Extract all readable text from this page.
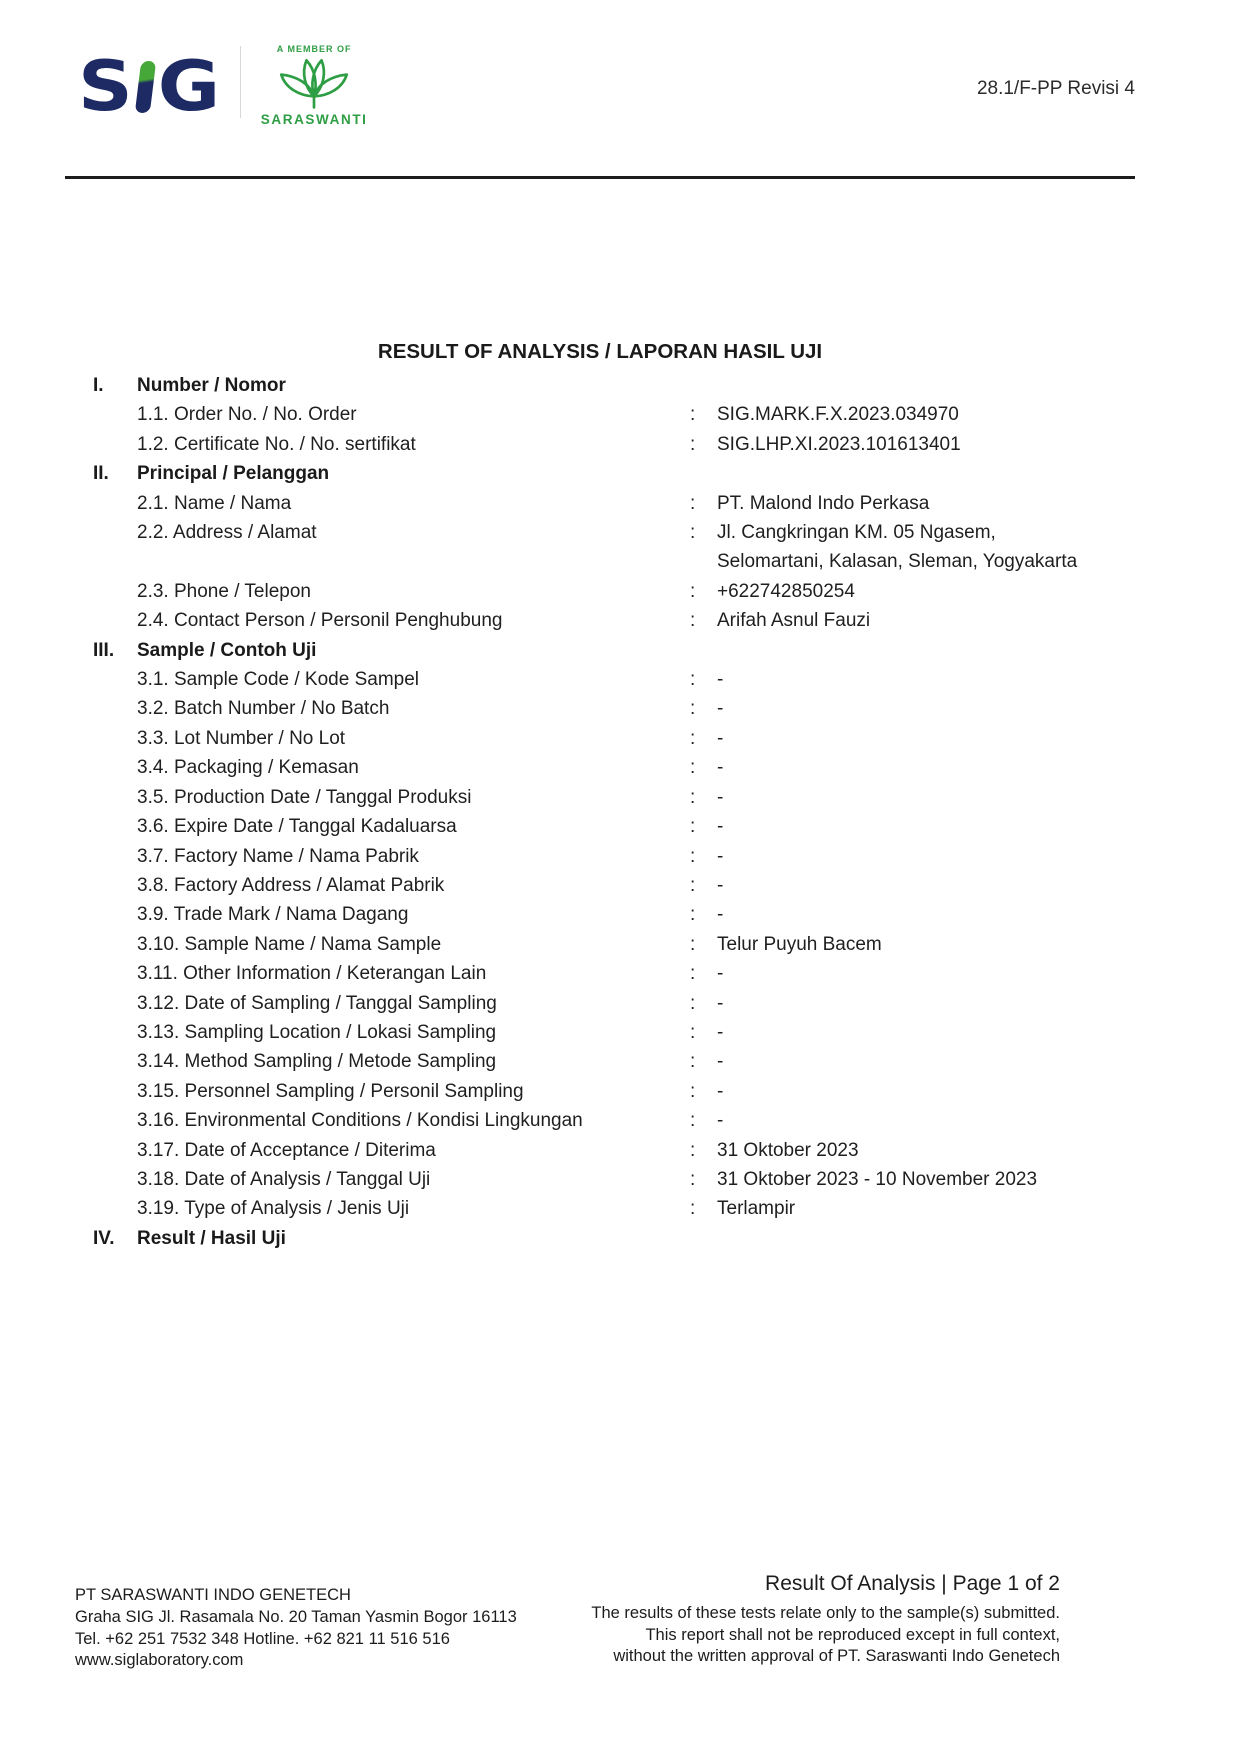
S G	A MEMBER OF
SARASWANTI
28.1/F-PP Revisi 4
RESULT OF ANALYSIS / LAPORAN HASIL UJI
I.	Number / Nomor
1.1. Order No. / No. Order	:	SIG.MARK.F.X.2023.034970
1.2. Certificate No. / No. sertifikat	:	SIG.LHP.XI.2023.101613401
II.	Principal / Pelanggan
2.1. Name / Nama	:	PT. Malond Indo Perkasa
2.2. Address / Alamat	:	Jl. Cangkringan KM. 05 Ngasem,
Selomartani, Kalasan, Sleman, Yogyakarta
2.3. Phone / Telepon	:	+622742850254
2.4. Contact Person / Personil Penghubung	:	Arifah Asnul Fauzi
III.	Sample / Contoh Uji
3.1. Sample Code / Kode Sampel	:	-
3.2. Batch Number / No Batch	:	-
3.3. Lot Number / No Lot	:	-
3.4. Packaging / Kemasan	:	-
3.5. Production Date / Tanggal Produksi	:	-
3.6. Expire Date / Tanggal Kadaluarsa	:	-
3.7. Factory Name / Nama Pabrik	:	-
3.8. Factory Address / Alamat Pabrik	:	-
3.9. Trade Mark / Nama Dagang	:	-
3.10. Sample Name / Nama Sample	:	Telur Puyuh Bacem
3.11. Other Information / Keterangan Lain	:	-
3.12. Date of Sampling / Tanggal Sampling	:	-
3.13. Sampling Location / Lokasi Sampling	:	-
3.14. Method Sampling / Metode Sampling	:	-
3.15. Personnel Sampling / Personil Sampling	:	-
3.16. Environmental Conditions / Kondisi Lingkungan	:	-
3.17. Date of Acceptance / Diterima	:	31 Oktober 2023
3.18. Date of Analysis / Tanggal Uji	:	31 Oktober 2023 - 10 November 2023
3.19. Type of Analysis / Jenis Uji	:	Terlampir
IV.	Result / Hasil Uji
PT SARASWANTI INDO GENETECH
Graha SIG Jl. Rasamala No. 20 Taman Yasmin Bogor 16113
Tel. +62 251 7532 348 Hotline. +62 821 11 516 516
www.siglaboratory.com
Result Of Analysis | Page 1 of 2
The results of these tests relate only to the sample(s) submitted.
This report shall not be reproduced except in full context,
without the written approval of PT. Saraswanti Indo Genetech
